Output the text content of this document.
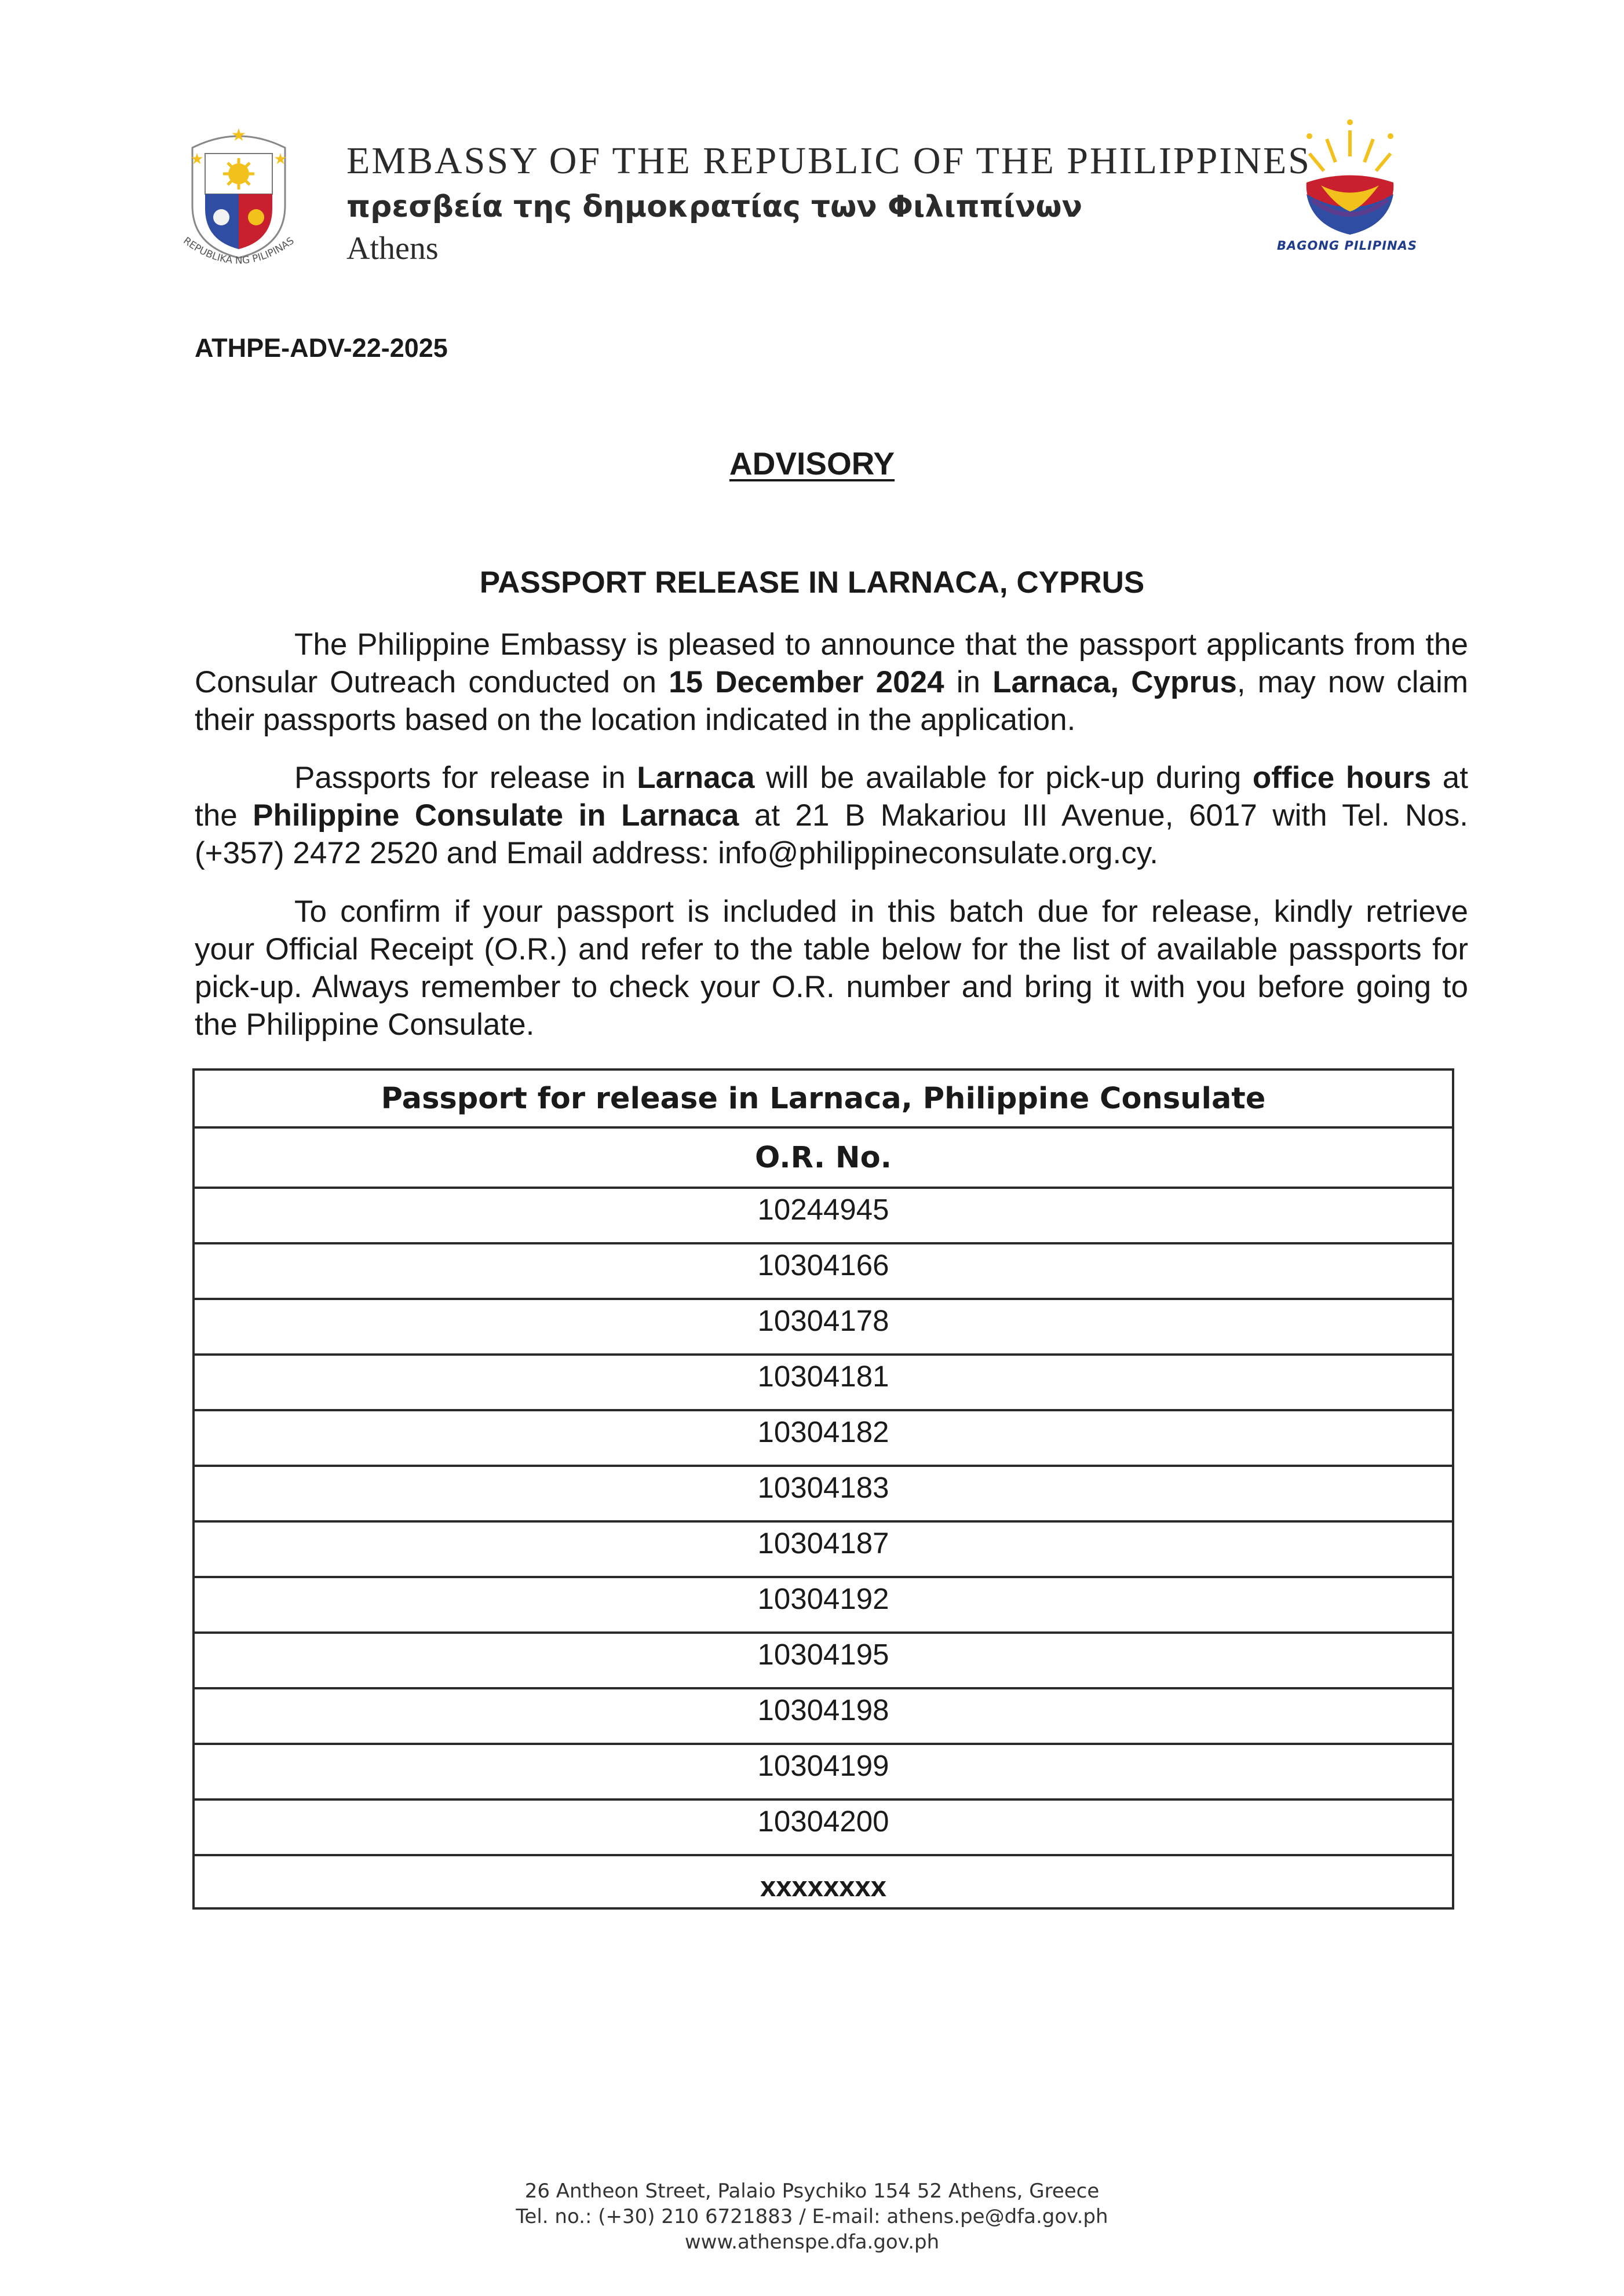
★
★	★
REPUBLIKA NG PILIPINAS
EMBASSY OF THE REPUBLIC OF THE PHILIPPINES
πρεσβεία της δημοκρατίας των Φιλιππίνων
Athens	BAGONG PILIPINAS
ATHPE-ADV-22-2025
ADVISORY
PASSPORT RELEASE IN LARNACA, CYPRUS

The Philippine Embassy is pleased to announce that the passport applicants from the Consular Outreach conducted on 15 December 2024 in Larnaca, Cyprus, may now claim their passports based on the location indicated in the application.

Passports for release in Larnaca will be available for pick-up during office hours at the Philippine Consulate in Larnaca at 21 B Makariou III Avenue, 6017 with Tel. Nos. (+357) 2472 2520 and Email address: info@philippineconsulate.org.cy.

To confirm if your passport is included in this batch due for release, kindly retrieve your Official Receipt (O.R.) and refer to the table below for the list of available passports for pick-up. Always remember to check your O.R. number and bring it with you before going to the Philippine Consulate.

Passport for release in Larnaca, Philippine Consulate
O.R. No.
10244945
10304166
10304178
10304181
10304182
10304183
10304187
10304192
10304195
10304198
10304199
10304200
xxxxxxxx
26 Antheon Street, Palaio Psychiko 154 52 Athens, Greece
Tel. no.: (+30) 210 6721883 / E-mail: athens.pe@dfa.gov.ph
www.athenspe.dfa.gov.ph
